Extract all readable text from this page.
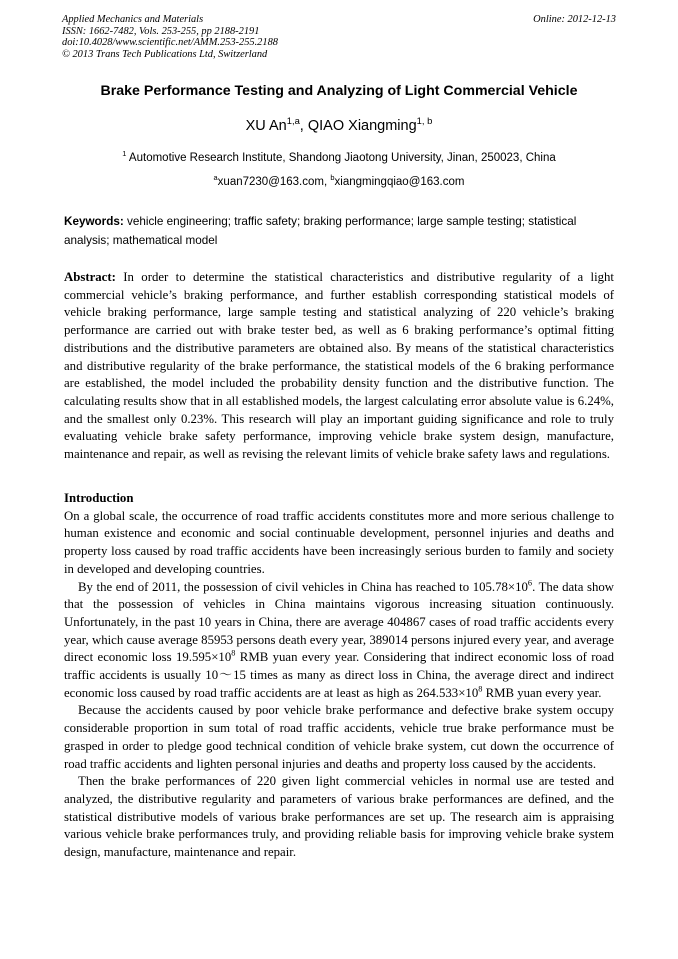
Applied Mechanics and Materials
ISSN: 1662-7482, Vols. 253-255, pp 2188-2191
doi:10.4028/www.scientific.net/AMM.253-255.2188
© 2013 Trans Tech Publications Ltd, Switzerland
Online: 2012-12-13
Brake Performance Testing and Analyzing of Light Commercial Vehicle
XU An$^{1,a}$, QIAO Xiangming$^{1, b}$
$^1$ Automotive Research Institute, Shandong Jiaotong University, Jinan, 250023, China
$^a$xuan7230@163.com, $^b$xiangmingqiao@163.com
Keywords: vehicle engineering; traffic safety; braking performance; large sample testing; statistical analysis; mathematical model

Abstract: In order to determine the statistical characteristics and distributive regularity of a light commercial vehicle’s braking performance, and further establish corresponding statistical models of vehicle braking performance, large sample testing and statistical analyzing of 220 vehicle’s braking performance are carried out with brake tester bed, as well as 6 braking performance’s optimal fitting distributions and the distributive parameters are obtained also. By means of the statistical characteristics and distributive regularity of the brake performance, the statistical models of the 6 braking performance are established, the model included the probability density function and the distributive function. The calculating results show that in all established models, the largest calculating error absolute value is 6.24%, and the smallest only 0.23%. This research will play an important guiding significance and role to truly evaluating vehicle brake safety performance, improving vehicle brake system design, manufacture, maintenance and repair, as well as revising the relevant limits of vehicle brake safety laws and regulations.

Introduction

On a global scale, the occurrence of road traffic accidents constitutes more and more serious challenge to human existence and economic and social continuable development, personnel injuries and deaths and property loss caused by road traffic accidents have been increasingly serious burden to family and society in developed and developing countries.

By the end of 2011, the possession of civil vehicles in China has reached to $105.78\times 10^6$. The data show that the possession of vehicles in China maintains vigorous increasing situation continuously. Unfortunately, in the past 10 years in China, there are average 404867 cases of road traffic accidents every year, which cause average 85953 persons death every year, 389014 persons injured every year, and average direct economic loss $19.595\times 10^8$ RMB yuan every year. Considering that indirect economic loss of road traffic accidents is usually 10～15 times as many as direct loss in China, the average direct and indirect economic loss caused by road traffic accidents are at least as high as $264.533\times 10^8$ RMB yuan every year.

Because the accidents caused by poor vehicle brake performance and defective brake system occupy considerable proportion in sum total of road traffic accidents, vehicle true brake performance must be grasped in order to pledge good technical condition of vehicle brake system, cut down the occurrence of road traffic accidents and lighten personal injuries and deaths and property loss caused by the accidents.

Then the brake performances of 220 given light commercial vehicles in normal use are tested and analyzed, the distributive regularity and parameters of various brake performances are defined, and the statistical distributive models of various brake performances are set up. The research aim is appraising various vehicle brake performances truly, and providing reliable basis for improving vehicle brake system design, manufacture, maintenance and repair.
